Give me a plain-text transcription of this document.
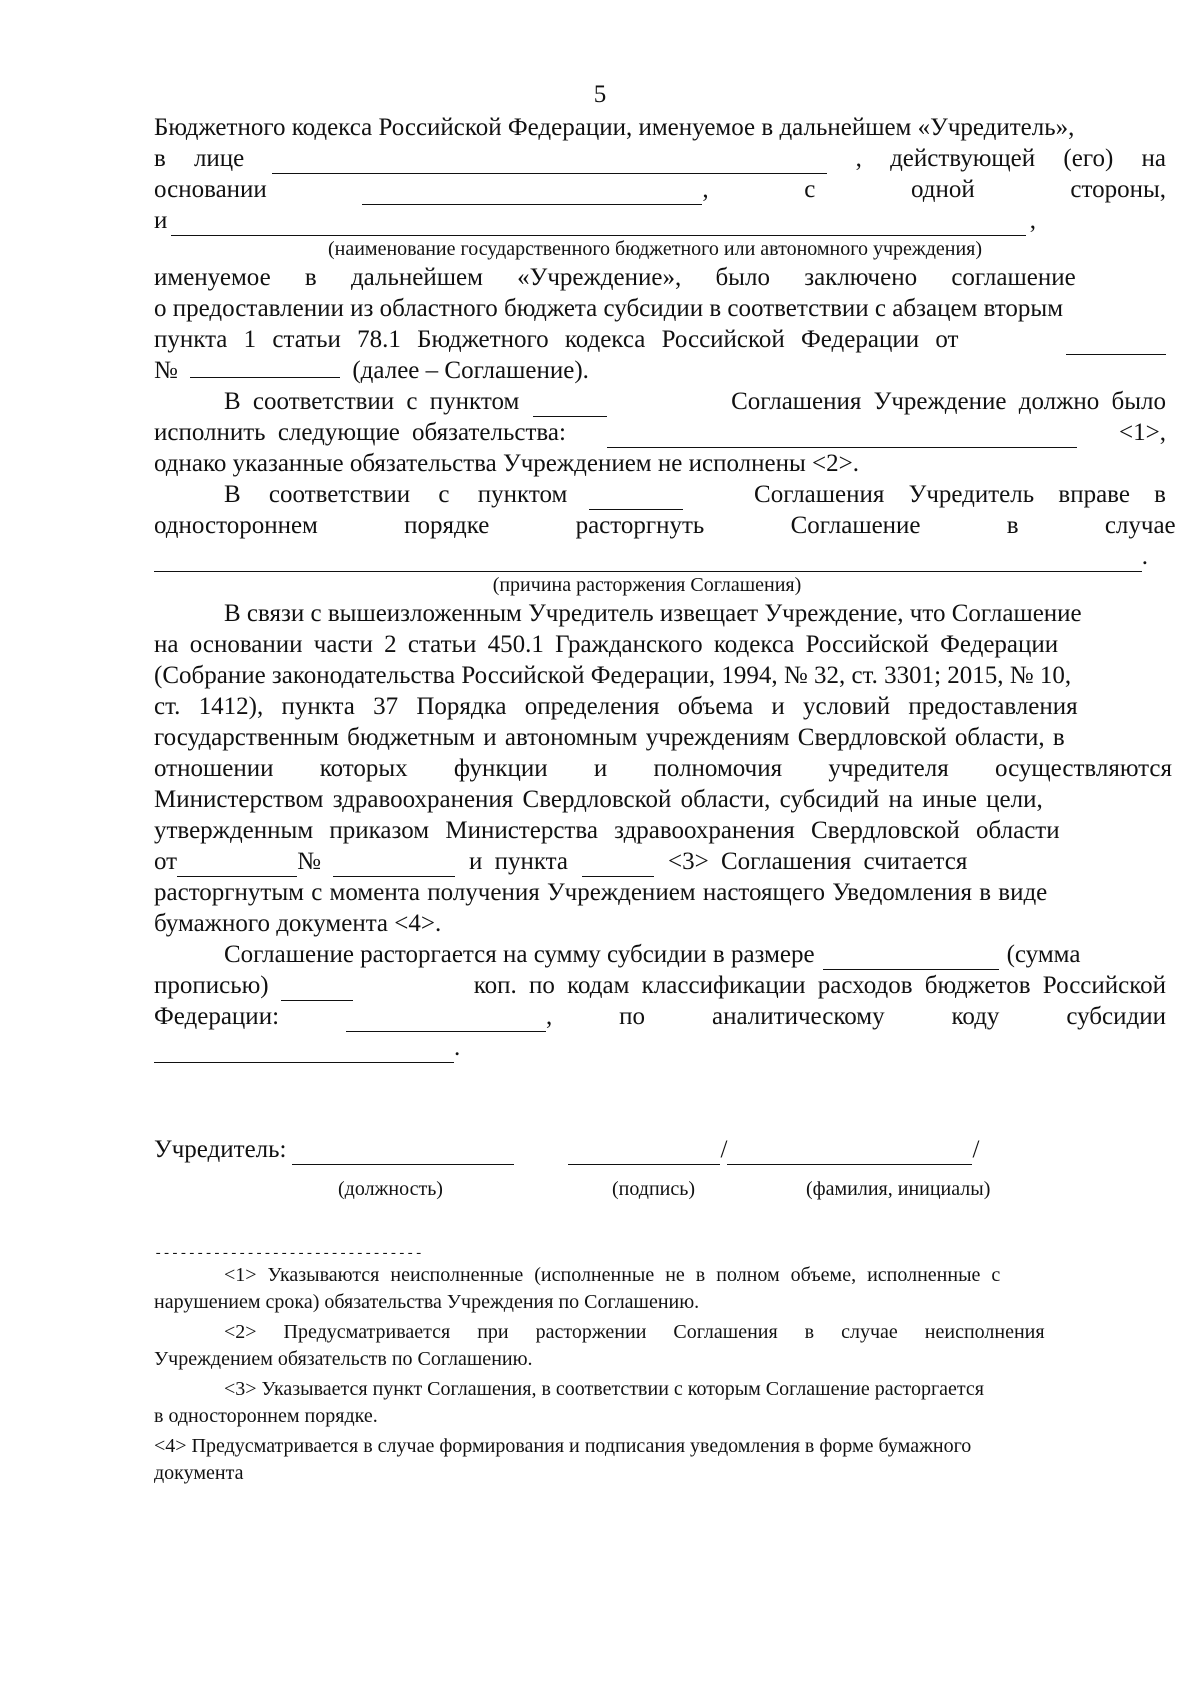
5
Бюджетного кодекса Российской Федерации, именуемое в дальнейшем «Учредитель»,
в лице	, действующей (его) на
основании	,	с	одной	стороны,
и	,
(наименование государственного бюджетного или автономного учреждения)
именуемое в дальнейшем «Учреждение», было заключено соглашение
о предоставлении из областного бюджета субсидии в соответствии с абзацем вторым
пункта 1 статьи 78.1 Бюджетного кодекса Российской Федерации от
№	(далее – Соглашение).
В соответствии с пунктом	Соглашения Учреждение должно было
исполнить следующие обязательства:	<1>,
однако указанные обязательства Учреждением не исполнены <2>.
В соответствии с пунктом	Соглашения Учредитель вправе в
одностороннем порядке расторгнуть Соглашение в случае
.
(причина расторжения Соглашения)
В связи с вышеизложенным Учредитель извещает Учреждение, что Соглашение
на основании части 2 статьи 450.1 Гражданского кодекса Российской Федерации
(Собрание законодательства Российской Федерации, 1994, № 32, ст. 3301; 2015, № 10,
ст. 1412), пункта 37 Порядка определения объема и условий предоставления
государственным бюджетным и автономным учреждениям Свердловской области, в
отношении которых функции и полномочия учредителя осуществляются
Министерством здравоохранения Свердловской области, субсидий на иные цели,
утвержденным приказом Министерства здравоохранения Свердловской области
от	№	и пункта	<3> Соглашения считается
расторгнутым с момента получения Учреждением настоящего Уведомления в виде
бумажного документа <4>.
Соглашение расторгается на сумму субсидии в размере	(сумма
прописью)	коп. по кодам классификации расходов бюджетов Российской
Федерации:	,	по	аналитическому	коду	субсидии
.
Учредитель:	/	/
(должность)	(подпись)	(фамилия, инициалы)
--------------------------------
<1> Указываются неисполненные (исполненные не в полном объеме, исполненные с
нарушением срока) обязательства Учреждения по Соглашению.
<2> Предусматривается при расторжении Соглашения в случае неисполнения
Учреждением обязательств по Соглашению.
<3> Указывается пункт Соглашения, в соответствии с которым Соглашение расторгается
в одностороннем порядке.
<4> Предусматривается в случае формирования и подписания уведомления в форме бумажного
документа
